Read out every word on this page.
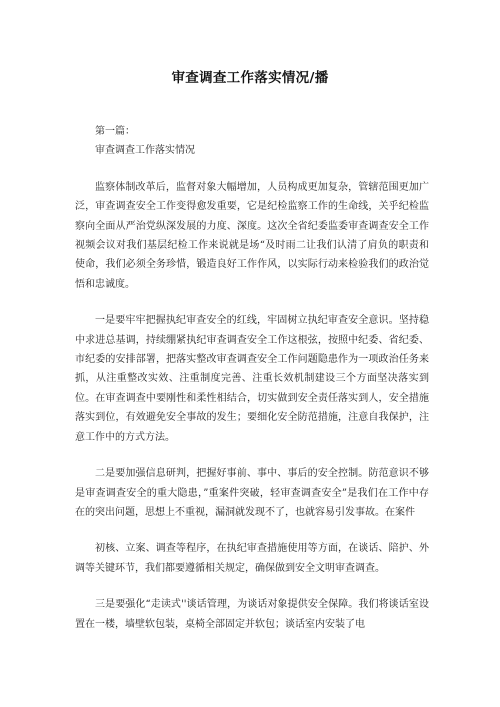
审查调查工作落实情况/播

第一篇：

审查调查工作落实情况

监察体制改革后，监督对象大幅增加，人员构成更加复杂，管辖范围更加广泛，审查调查安全工作变得愈发重要，它是纪检监察工作的生命线，关乎纪检监察向全面从严治党纵深发展的力度、深度。这次全省纪委监委审查调查安全工作视频会议对我们基层纪检工作来说就是场“及时雨二让我们认清了肩负的职责和使命，我们必须全务珍惜，锻造良好工作作风，以实际行动来检验我们的政治觉悟和忠诚度。

一是要牢牢把握执纪审查安全的红线，牢固树立执纪审查安全意识。坚持稳中求进总基调，持续绷紧执纪审查调查安全工作这根弦，按照中纪委、省纪委、市纪委的安排部署，把落实整改审查调查安全工作问题隐患作为一项政治任务来抓，从注重整改实效、注重制度完善、注重长效机制建设三个方面坚决落实到位。在审查调查中要刚性和柔性相结合，切实做到安全责任落实到人，安全措施落实到位，有效避免安全事故的发生；要细化安全防范措施，注意自我保护，注意工作中的方式方法。

二是要加强信息研判，把握好事前、事中、事后的安全控制。防范意识不够是审查调查安全的重大隐患，”重案件突破，轻审查调查安全”是我们在工作中存在的突出问题，思想上不重视，漏洞就发现不了，也就容易引发事故。在案件

初核、立案、调查等程序，在执纪审查措施使用等方面，在谈话、陪护、外调等关键环节，我们都要遵循相关规定，确保做到安全文明审查调查。

三是要强化“走读式''谈话管理，为谈话对象提供安全保障。我们将谈话室设置在一楼，墙壁软包装，桌椅全部固定并软包；谈话室内安装了电
